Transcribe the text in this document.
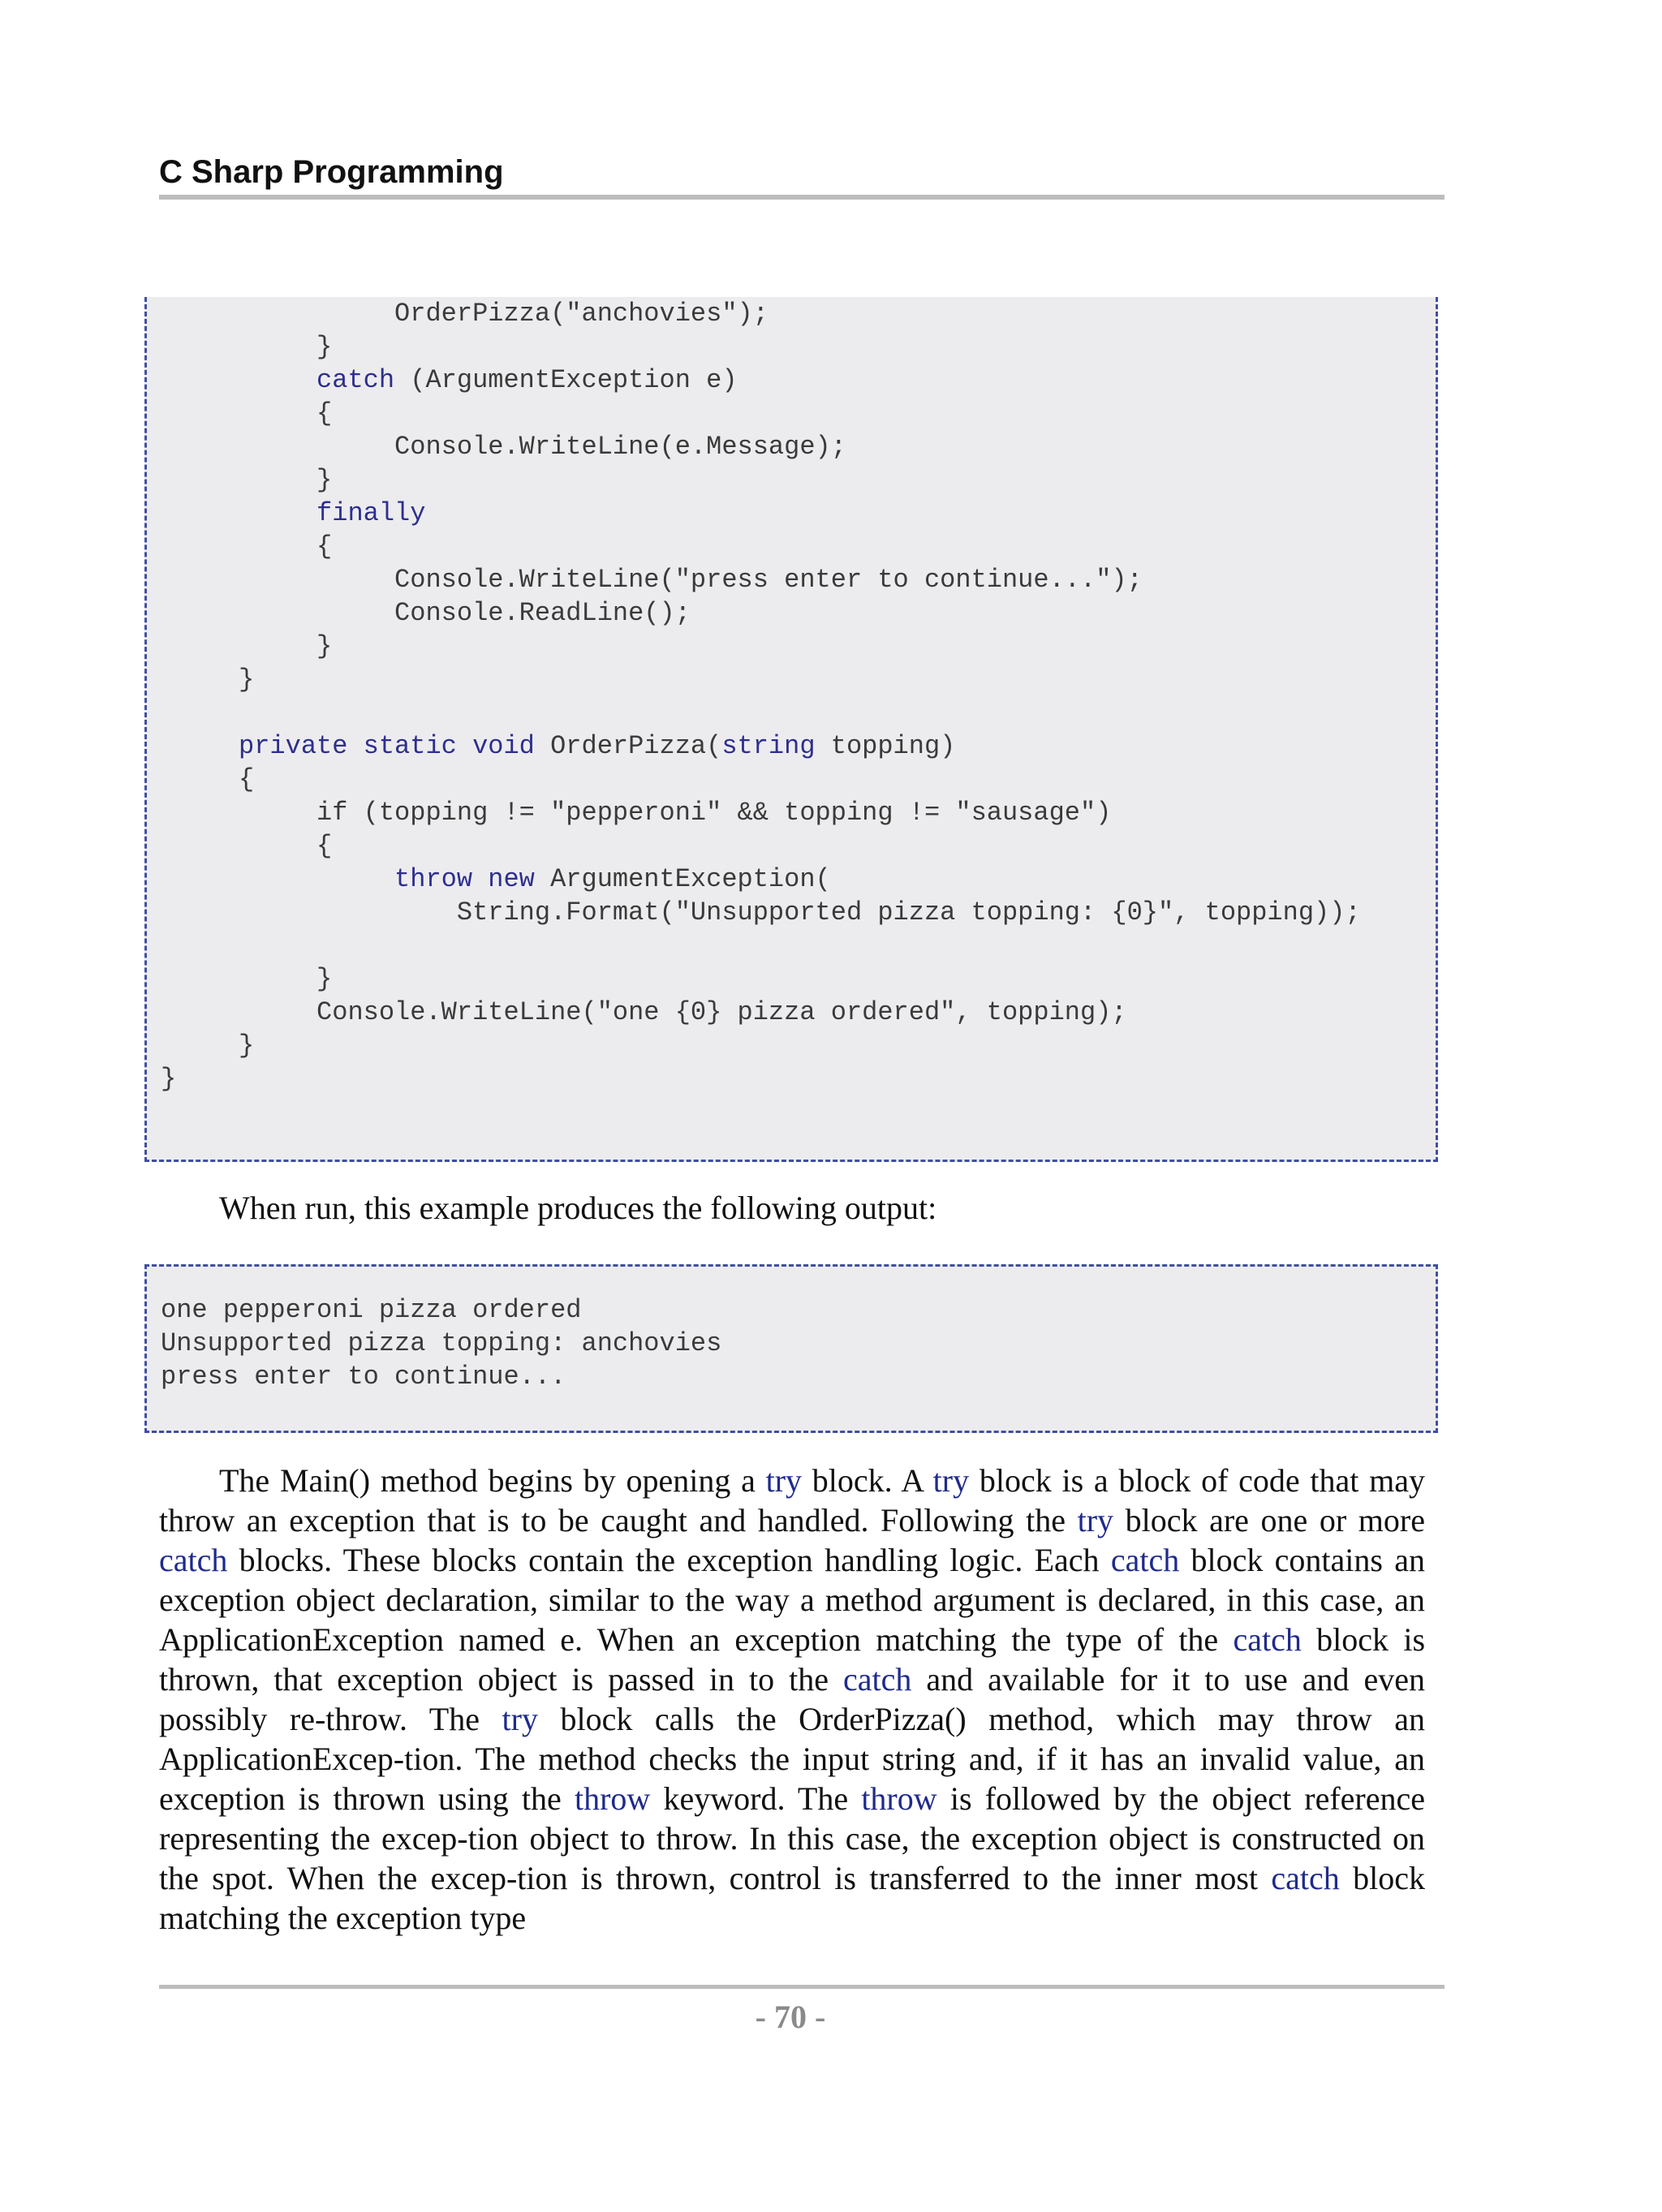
C Sharp Programming
OrderPizza("anchovies");
}
catch (ArgumentException e)
{
Console.WriteLine(e.Message);
}
finally
{
Console.WriteLine("press enter to continue...");
Console.ReadLine();
}
}
private static void OrderPizza(string topping)
{
if (topping != "pepperoni" && topping != "sausage")
{
throw new ArgumentException(
String.Format("Unsupported pizza topping: {0}", topping));
}
Console.WriteLine("one {0} pizza ordered", topping);
}
}
When run, this example produces the following output:
one pepperoni pizza ordered
Unsupported pizza topping: anchovies
press enter to continue...
The Main() method begins by opening a try block. A try block is a block of code that may throw an exception that is to be caught and handled. Following the try block are one or more catch blocks. These blocks contain the exception handling logic. Each catch block contains an exception object declaration, similar to the way a method argument is declared, in this case, an ApplicationException named e. When an exception matching the type of the catch block is thrown, that exception object is passed in to the catch and available for it to use and even possibly re-throw. The try block calls the OrderPizza() method, which may throw an ApplicationExcep-tion. The method checks the input string and, if it has an invalid value, an exception is thrown using the throw keyword. The throw is followed by the object reference representing the excep-tion object to throw. In this case, the exception object is constructed on the spot. When the excep-tion is thrown, control is transferred to the inner most catch block matching the exception type
- 70 -
